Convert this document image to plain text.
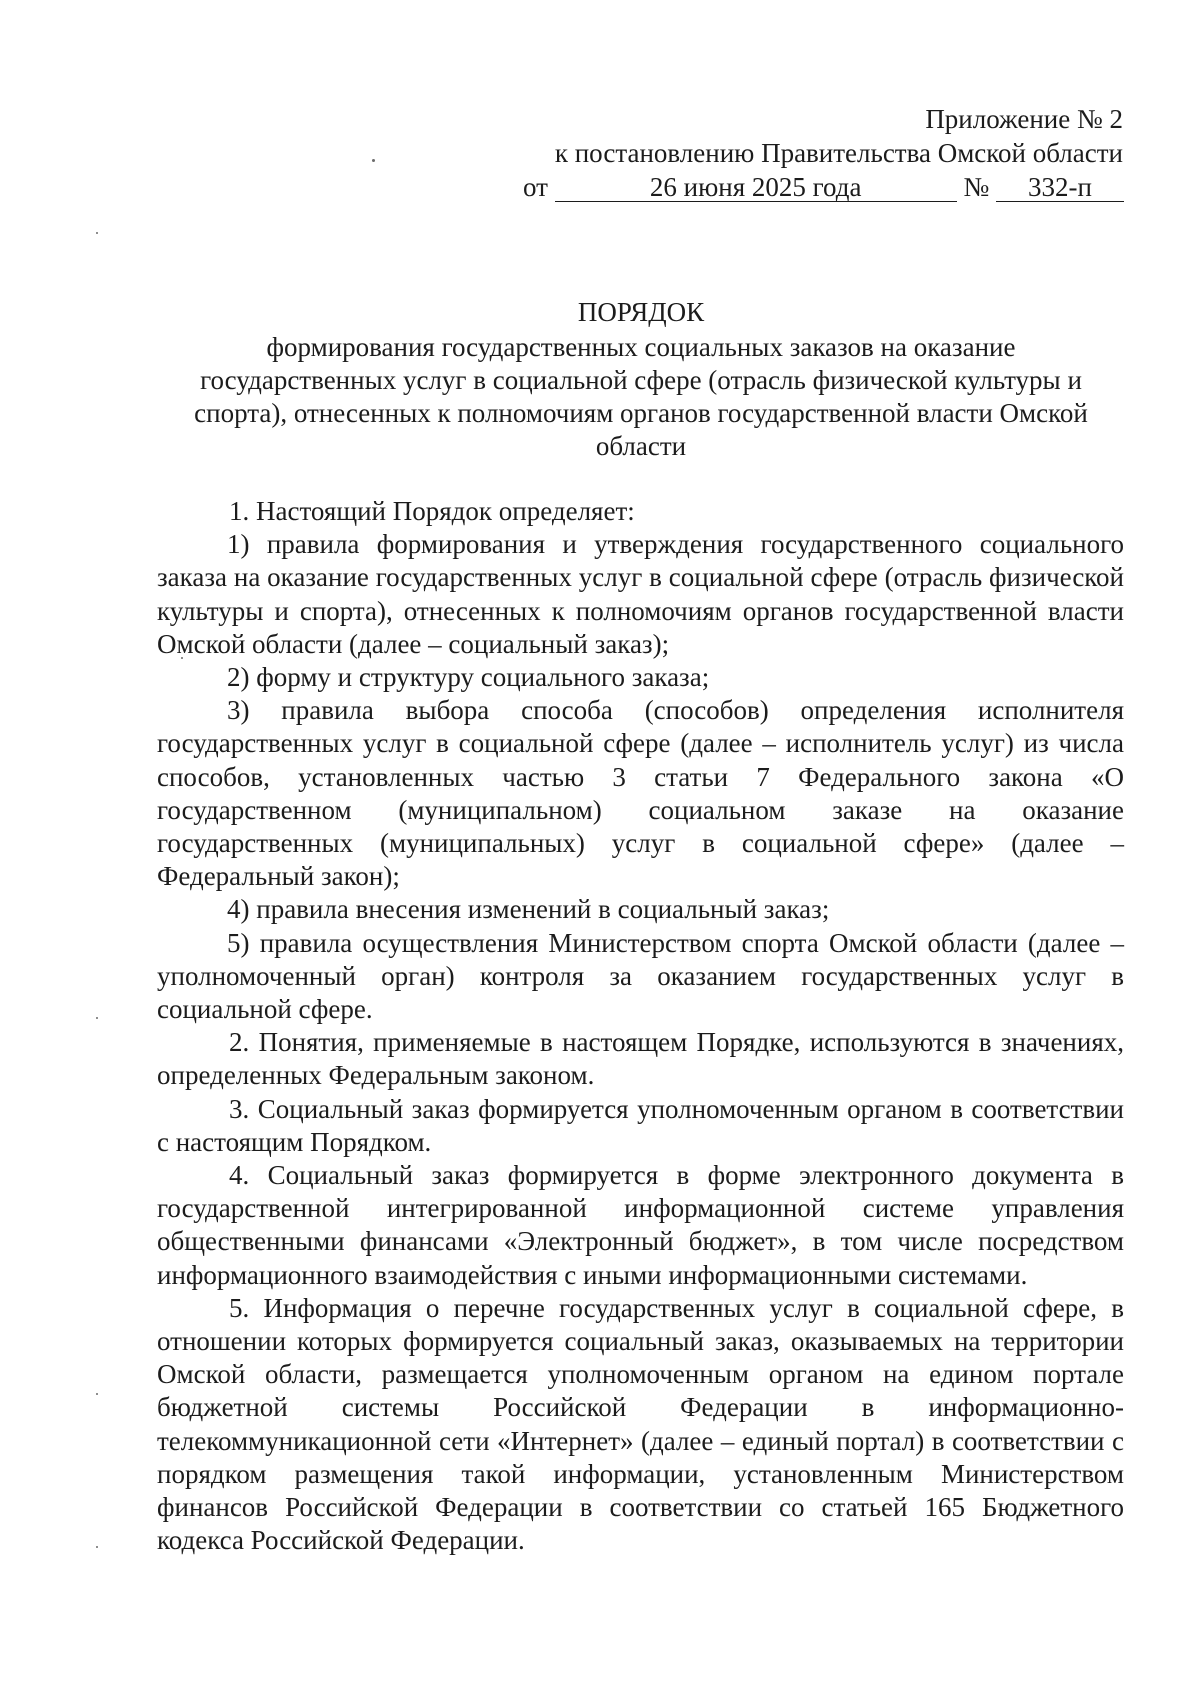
Приложение № 2
к постановлению Правительства Омской области
от	26 июня 2025 года	№ 332-п
ПОРЯДОК
формирования государственных социальных заказов на оказание государственных услуг в социальной сфере (отрасль физической культуры и спорта), отнесенных к полномочиям органов государственной власти Омской области

1. Настоящий Порядок определяет:

1) правила формирования и утверждения государственного социального заказа на оказание государственных услуг в социальной сфере (отрасль физической культуры и спорта), отнесенных к полномочиям органов государственной власти Омской области (далее – социальный заказ);

2) форму и структуру социального заказа;

3) правила выбора способа (способов) определения исполнителя государственных услуг в социальной сфере (далее – исполнитель услуг) из числа способов, установленных частью 3 статьи 7 Федерального закона «О государственном (муниципальном) социальном заказе на оказание государственных (муниципальных) услуг в социальной сфере» (далее – Федеральный закон);

4) правила внесения изменений в социальный заказ;

5) правила осуществления Министерством спорта Омской области (далее – уполномоченный орган) контроля за оказанием государственных услуг в социальной сфере.

2. Понятия, применяемые в настоящем Порядке, используются в значениях, определенных Федеральным законом.

3. Социальный заказ формируется уполномоченным органом в соответствии с настоящим Порядком.

4. Социальный заказ формируется в форме электронного документа в государственной интегрированной информационной системе управления общественными финансами «Электронный бюджет», в том числе посредством информационного взаимодействия с иными информационными системами.

5. Информация о перечне государственных услуг в социальной сфере, в отношении которых формируется социальный заказ, оказываемых на территории Омской области, размещается уполномоченным органом на едином портале бюджетной системы Российской Федерации в информационно-телекоммуникационной сети «Интернет» (далее – единый портал) в соответствии с порядком размещения такой информации, установленным Министерством финансов Российской Федерации в соответствии со статьей 165 Бюджетного кодекса Российской Федерации.
